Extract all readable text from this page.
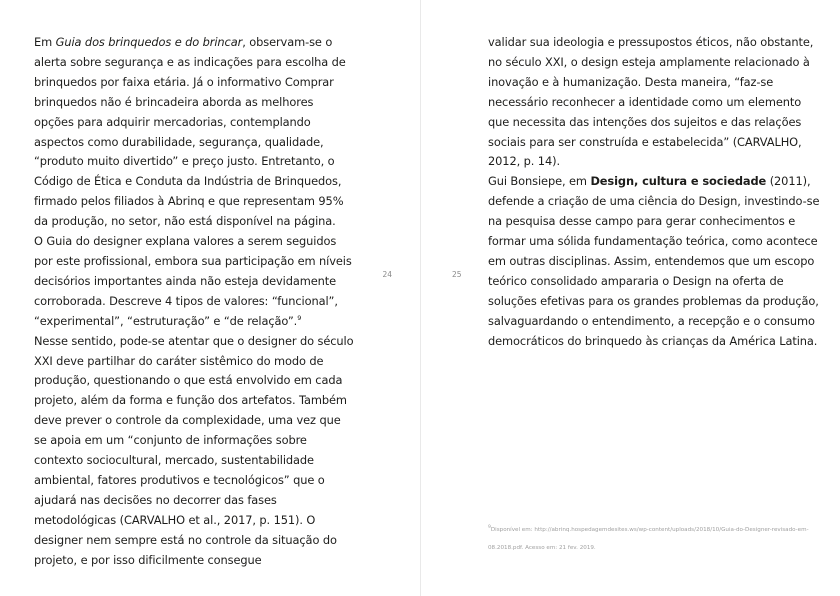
Em Guia dos brinquedos e do brincar, observam-se o alerta sobre segurança e as indicações para escolha de brinquedos por faixa etária. Já o informativo Comprar brinquedos não é brincadeira aborda as melhores opções para adquirir mercadorias, contemplando aspectos como durabilidade, segurança, qualidade, “produto muito divertido” e preço justo. Entretanto, o Código de Ética e Conduta da Indústria de Brinquedos, firmado pelos filiados à Abrinq e que representam 95% da produção, no setor, não está disponível na página.

O Guia do designer explana valores a serem seguidos por este profissional, embora sua participação em níveis decisórios importantes ainda não esteja devidamente corroborada. Descreve 4 tipos de valores: “funcional”, “experimental”, “estruturação” e “de relação”.$^9$

Nesse sentido, pode-se atentar que o designer do século XXI deve partilhar do caráter sistêmico do modo de produção, questionando o que está envolvido em cada projeto, além da forma e função dos artefatos. Também deve prever o controle da complexidade, uma vez que se apoia em um “conjunto de informações sobre contexto sociocultural, mercado, sustentabilidade ambiental, fatores produtivos e tecnológicos” que o ajudará nas decisões no decorrer das fases metodológicas (CARVALHO et al., 2017, p. 151). O designer nem sempre está no controle da situação do projeto, e por isso dificilmente consegue

24	25

validar sua ideologia e pressupostos éticos, não obstante, no século XXI, o design esteja amplamente relacionado à inovação e à humanização. Desta maneira, “faz-se necessário reconhecer a identidade como um elemento que necessita das intenções dos sujeitos e das relações sociais para ser construída e estabelecida” (CARVALHO, 2012, p. 14).

Gui Bonsiepe, em Design, cultura e sociedade (2011), defende a criação de uma ciência do Design, investindo-se na pesquisa desse campo para gerar conhecimentos e formar uma sólida fundamentação teórica, como acontece em outras disciplinas. Assim, entendemos que um escopo teórico consolidado ampararia o Design na oferta de soluções efetivas para os grandes problemas da produção, salvaguardando o entendimento, a recepção e o consumo democráticos do brinquedo às crianças da América Latina.

$^9$Disponível em: http://abrinq.hospedagemdesites.ws/wp-content/uploads/2018/10/Guia-do-Designer-revisado-em-08.2018.pdf. Acesso em: 21 fev. 2019.
